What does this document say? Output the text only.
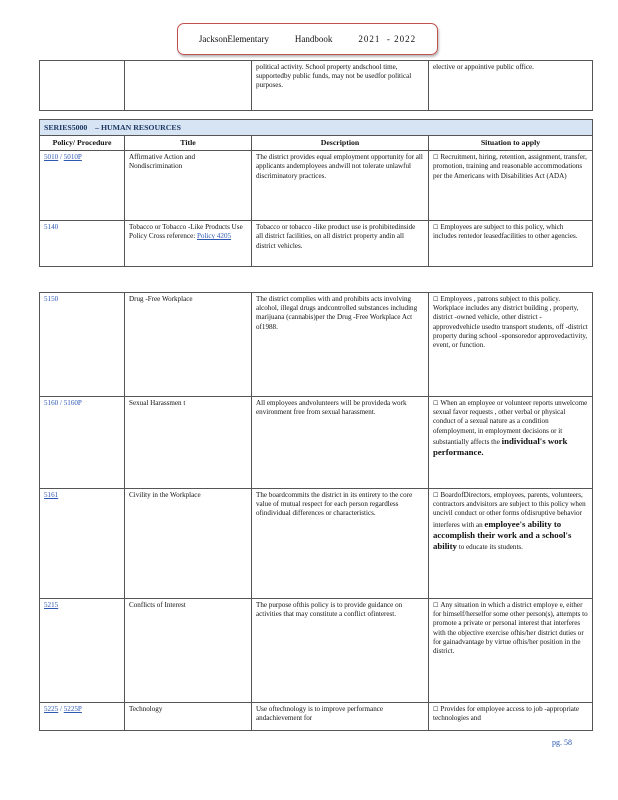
JacksonElementary	Handbook	2021 - 2022
		political activity. School property andschool time, supportedby public funds, may not be usedfor political purposes.	elective or appointive public office.
SERIES5000 – HUMAN RESOURCES			
Policy/ Procedure	Title	Description	Situation to apply
5010 / 5010P	Affirmative Action and Nondiscrimination	The district provides equal employment opportunity for all applicants andemployees andwill not tolerate unlawful discriminatory practices.	☐ Recruitment, hiring, retention, assignment, transfer, promotion, training and reasonable accommodations per the Americans with Disabilities Act (ADA)
5140	Tobacco or Tobacco -Like Products Use Policy Cross reference: Policy 4205	Tobacco or tobacco -like product use is prohibitedinside all district facilities, on all district property andin all district vehicles.	☐ Employees are subject to this policy, which includes rentedor leasedfacilities to other agencies.
5150	Drug -Free Workplace	The district complies with and prohibits acts involving alcohol, illegal drugs andcontrolled substances including marijuana (cannabis)per the Drug -Free Workplace Act of1988.	☐ Employees , patrons subject to this policy. Workplace includes any district building , property, district -owned vehicle, other district -approvedvehicle usedto transport students, off -district property during school -sponsoredor approvedactivity, event, or function.
5160 / 5160P	Sexual Harassmen t	All employees andvolunteers will be provideda work environment free from sexual harassment.	☐ When an employee or volunteer reports unwelcome sexual favor requests , other verbal or physical conduct of a sexual nature as a condition ofemployment, in employment decisions or it substantially affects the individual's work performance.
5161	Civility in the Workplace	The boardcommits the district in its entirety to the core value of mutual respect for each person regardless ofindividual differences or characteristics.	☐ BoardofDirectors, employees, parents, volunteers, contractors andvisitors are subject to this policy when uncivil conduct or other forms ofdisruptive behavior interferes with an employee's ability to accomplish their work and a school's ability to educate its students.
5215	Conflicts of Interest	The purpose ofthis policy is to provide guidance on activities that may constitute a conflict ofinterest.	☐ Any situation in which a district employe e, either for himself/herselfor some other person(s), attempts to promote a private or personal interest that interferes with the objective exercise ofhis/her district duties or for gainadvantage by virtue ofhis/her position in the district.
5225 / 5225P	Technology	Use oftechnology is to improve performance andachievement for	☐ Provides for employee access to job -appropriate technologies and
pg. 58
